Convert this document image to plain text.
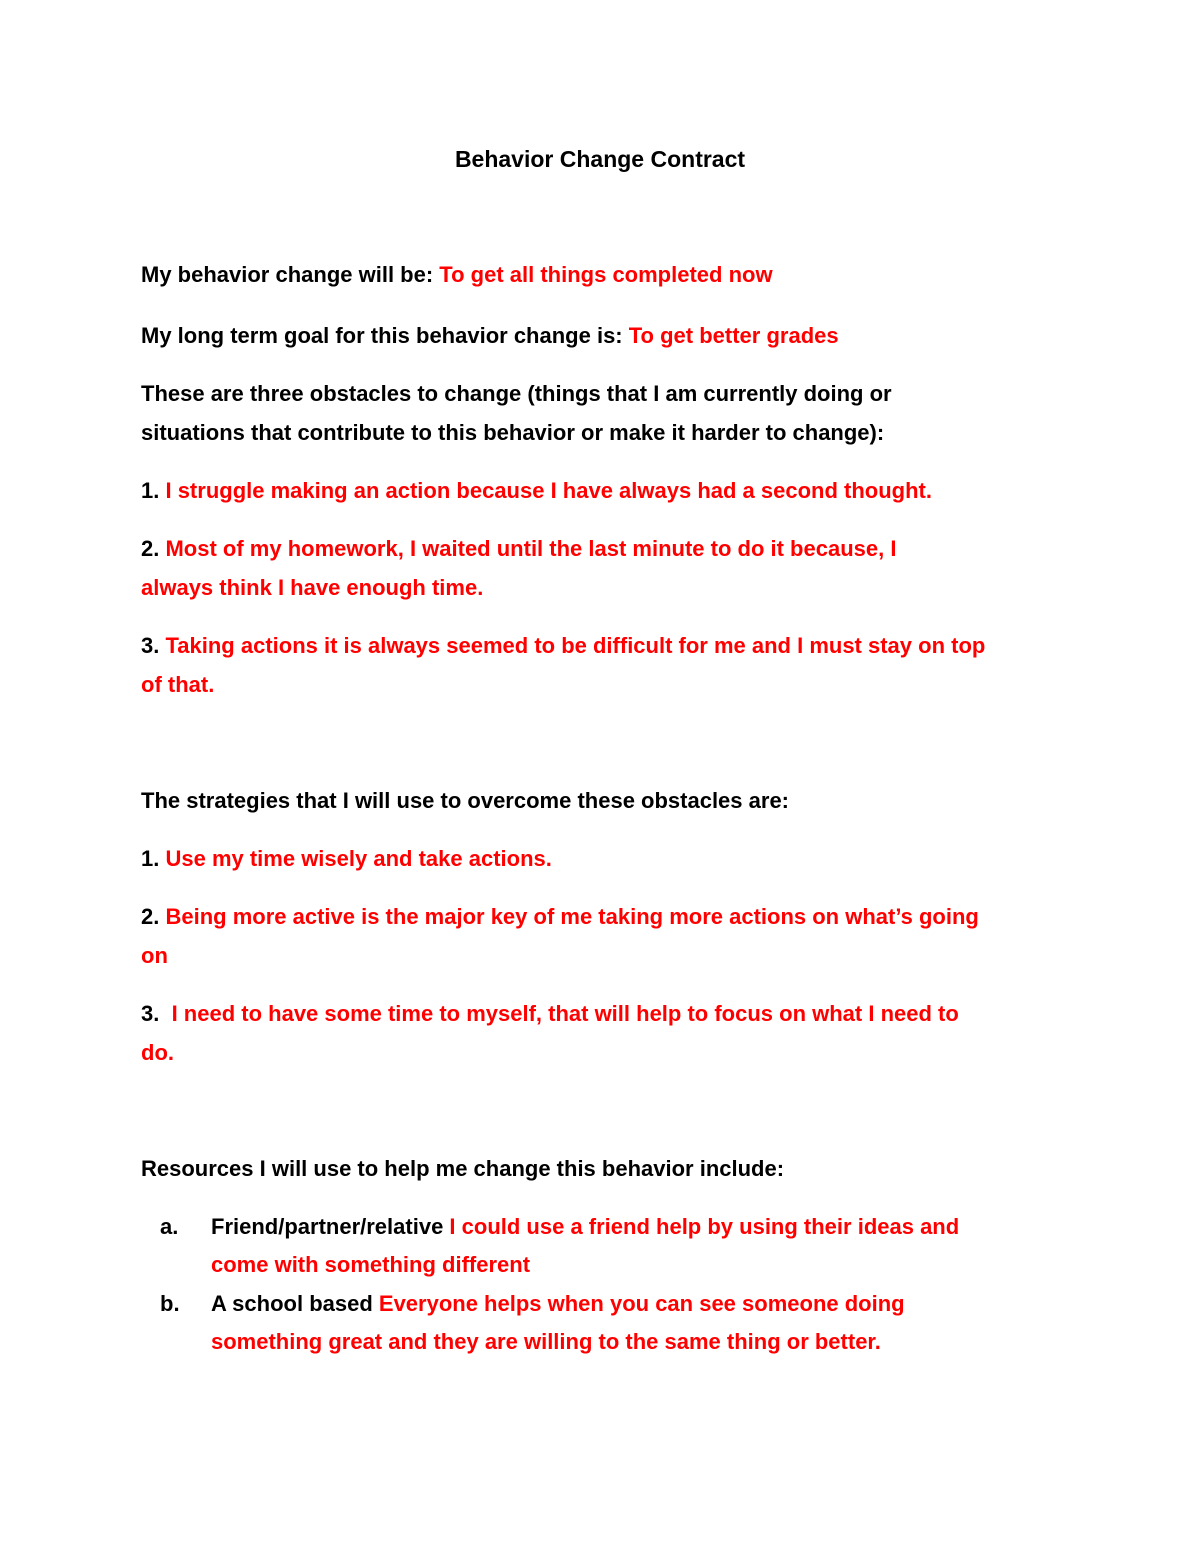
Behavior Change Contract
My behavior change will be: To get all things completed now
My long term goal for this behavior change is: To get better grades
These are three obstacles to change (things that I am currently doing or
situations that contribute to this behavior or make it harder to change):
1. I struggle making an action because I have always had a second thought.
2. Most of my homework, I waited until the last minute to do it because, I
always think I have enough time.
3. Taking actions it is always seemed to be difficult for me and I must stay on top
of that.
The strategies that I will use to overcome these obstacles are:
1. Use my time wisely and take actions.
2. Being more active is the major key of me taking more actions on what’s going
on
3.  I need to have some time to myself, that will help to focus on what I need to
do.
Resources I will use to help me change this behavior include:
a.	Friend/partner/relative I could use a friend help by using their ideas and
come with something different
b.	A school based Everyone helps when you can see someone doing
something great and they are willing to the same thing or better.
